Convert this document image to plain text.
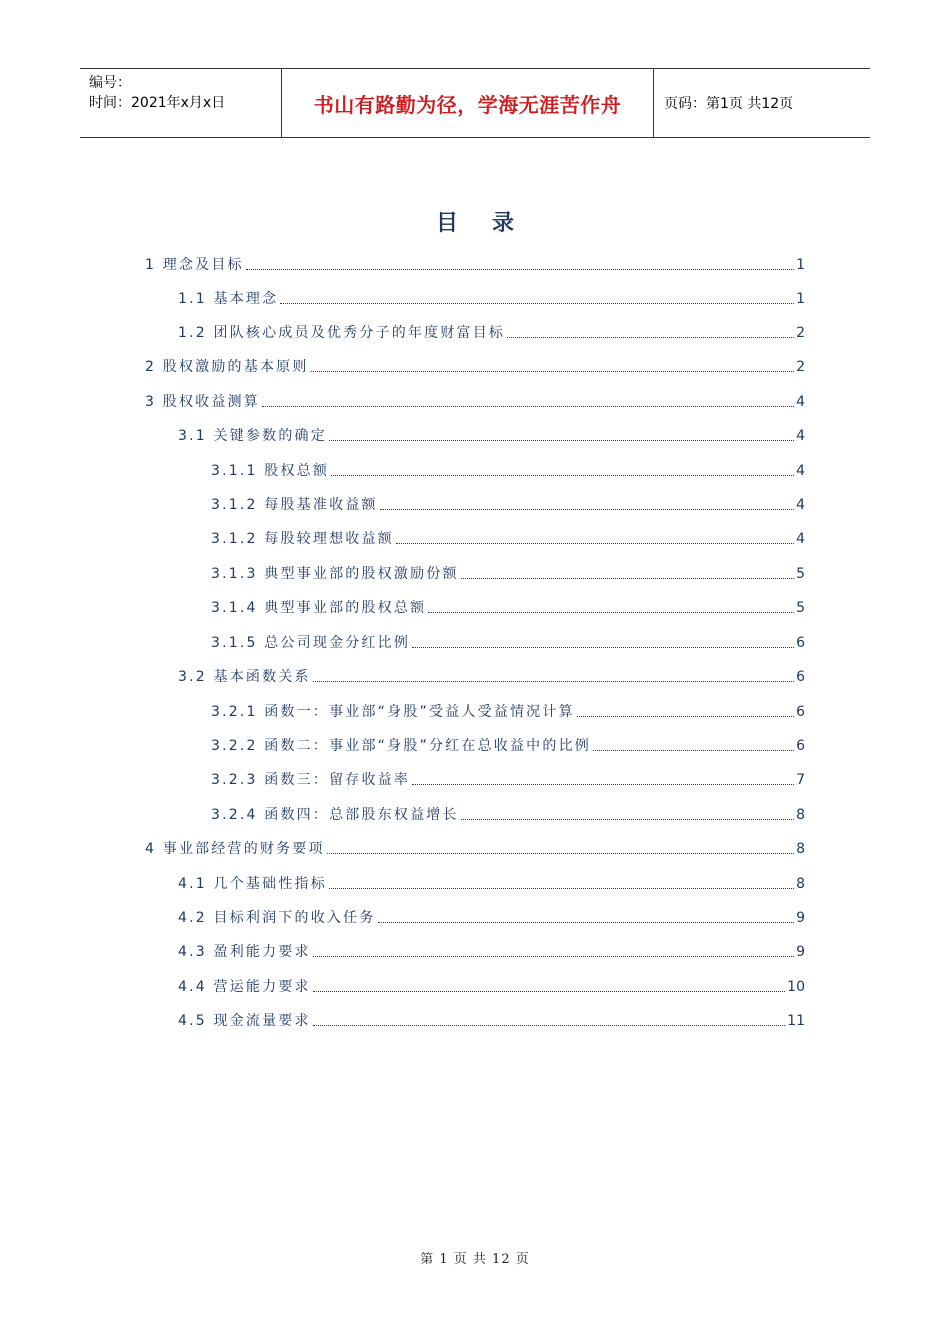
编号：
时间：2021年x月x日	书山有路勤为径，学海无涯苦作舟	页码：第1页 共12页
目录
1 理念及目标	1
1.1 基本理念	1
1.2 团队核心成员及优秀分子的年度财富目标	2
2 股权激励的基本原则	2
3 股权收益测算	4
3.1 关键参数的确定	4
3.1.1 股权总额	4
3.1.2 每股基准收益额	4
3.1.2 每股较理想收益额	4
3.1.3 典型事业部的股权激励份额	5
3.1.4 典型事业部的股权总额	5
3.1.5 总公司现金分红比例	6
3.2 基本函数关系	6
3.2.1 函数一：事业部“身股”受益人受益情况计算	6
3.2.2 函数二：事业部“身股”分红在总收益中的比例	6
3.2.3 函数三：留存收益率	7
3.2.4 函数四：总部股东权益增长	8
4 事业部经营的财务要项	8
4.1 几个基础性指标	8
4.2 目标利润下的收入任务	9
4.3 盈利能力要求	9
4.4 营运能力要求	10
4.5 现金流量要求	11
第 1 页 共 12 页
